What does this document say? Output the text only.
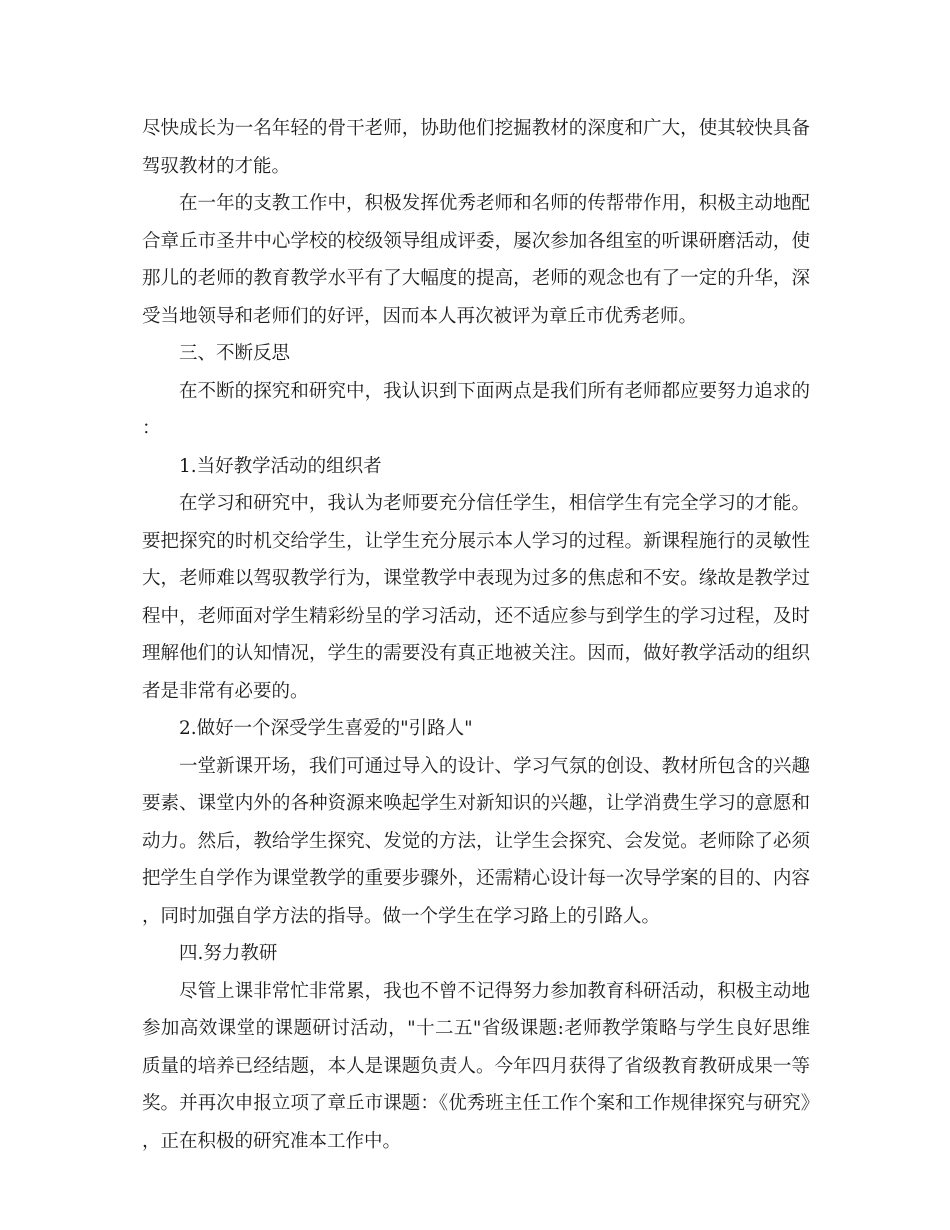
尽快成长为一名年轻的骨干老师，协助他们挖掘教材的深度和广大，使其较快具备驾驭教材的才能。

在一年的支教工作中，积极发挥优秀老师和名师的传帮带作用，积极主动地配合章丘市圣井中心学校的校级领导组成评委，屡次参加各组室的听课研磨活动，使那儿的老师的教育教学水平有了大幅度的提高，老师的观念也有了一定的升华，深受当地领导和老师们的好评，因而本人再次被评为章丘市优秀老师。

三、不断反思

在不断的探究和研究中，我认识到下面两点是我们所有老师都应要努力追求的：

1.当好教学活动的组织者

在学习和研究中，我认为老师要充分信任学生，相信学生有完全学习的才能。要把探究的时机交给学生，让学生充分展示本人学习的过程。新课程施行的灵敏性大，老师难以驾驭教学行为，课堂教学中表现为过多的焦虑和不安。缘故是教学过程中，老师面对学生精彩纷呈的学习活动，还不适应参与到学生的学习过程，及时理解他们的认知情况，学生的需要没有真正地被关注。因而，做好教学活动的组织者是非常有必要的。

2.做好一个深受学生喜爱的"引路人"

一堂新课开场，我们可通过导入的设计、学习气氛的创设、教材所包含的兴趣要素、课堂内外的各种资源来唤起学生对新知识的兴趣，让学消费生学习的意愿和动力。然后，教给学生探究、发觉的方法，让学生会探究、会发觉。老师除了必须把学生自学作为课堂教学的重要步骤外，还需精心设计每一次导学案的目的、内容，同时加强自学方法的指导。做一个学生在学习路上的引路人。

四.努力教研

尽管上课非常忙非常累，我也不曾不记得努力参加教育科研活动，积极主动地参加高效课堂的课题研讨活动，"十二五"省级课题:老师教学策略与学生良好思维质量的培养已经结题，本人是课题负责人。今年四月获得了省级教育教研成果一等奖。并再次申报立项了章丘市课题：《优秀班主任工作个案和工作规律探究与研究》，正在积极的研究准本工作中。
